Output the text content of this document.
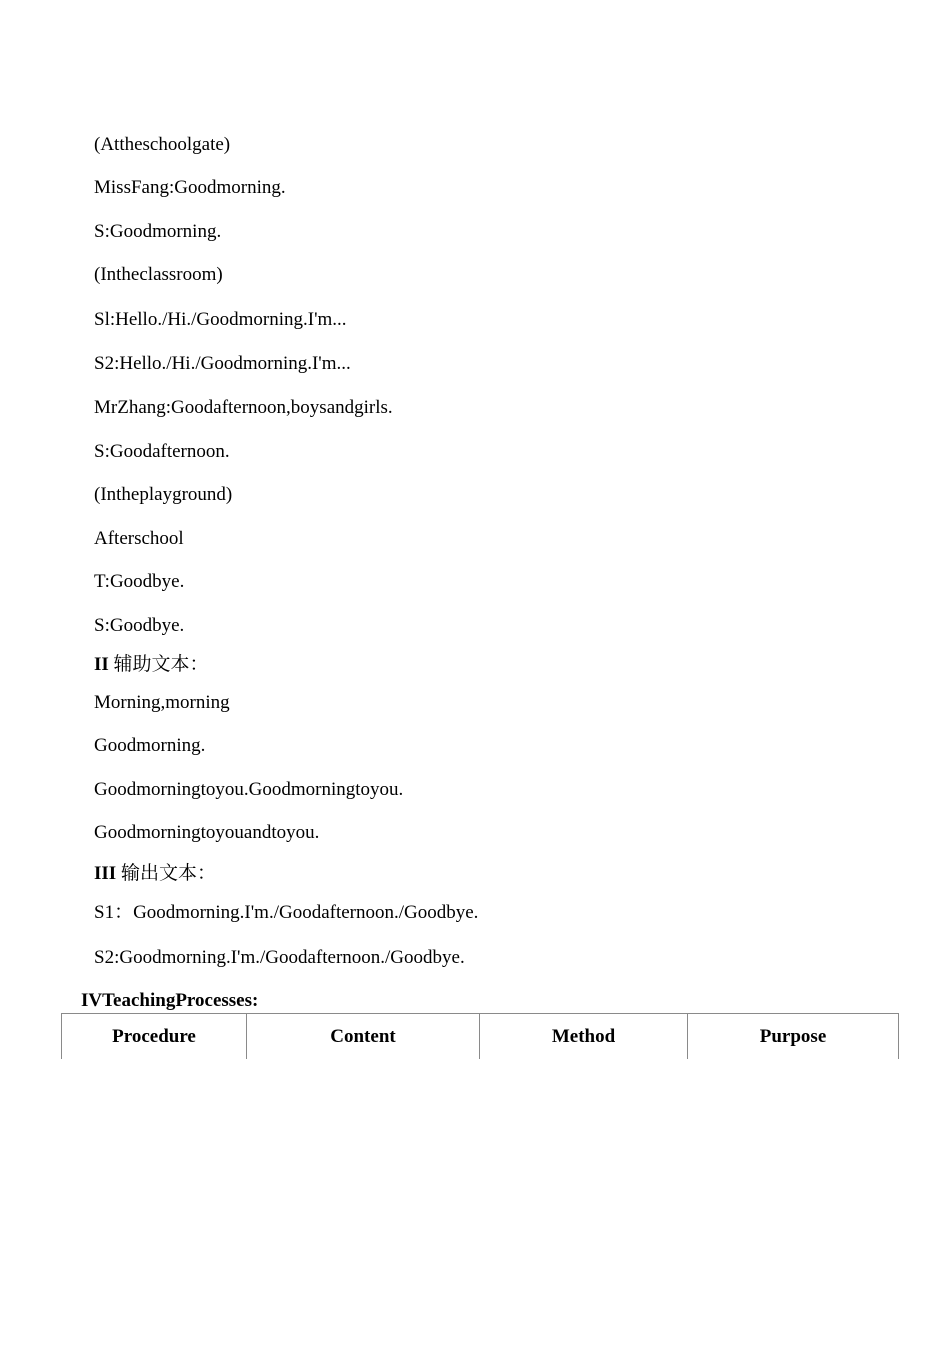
(Attheschoolgate)
MissFang:Goodmorning.
S:Goodmorning.
(Intheclassroom)
Sl:Hello./Hi./Goodmorning.I'm...
S2:Hello./Hi./Goodmorning.I'm...
MrZhang:Goodafternoon,boysandgirls.
S:Goodafternoon.
(Intheplayground)
Afterschool
T:Goodbye.
S:Goodbye.
II 辅助文本：
Morning,morning
Goodmorning.
Goodmorningtoyou.Goodmorningtoyou.
Goodmorningtoyouandtoyou.
III 输出文本：
S1：Goodmorning.I'm./Goodafternoon./Goodbye.
S2:Goodmorning.I'm./Goodafternoon./Goodbye.
IVTeachingProcesses:
Procedure	Content	Method	Purpose
